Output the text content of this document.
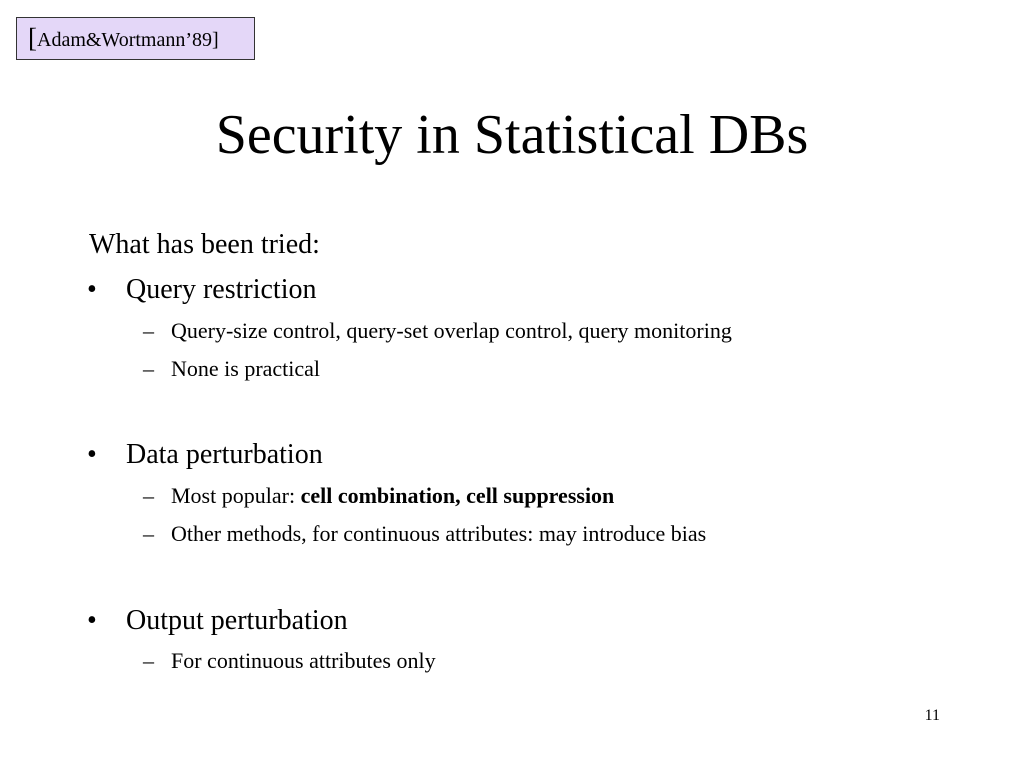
[Adam&Wortmann’89]
Security in Statistical DBs
What has been tried:
• Query restriction
– Query-size control, query-set overlap control, query monitoring
– None is practical
• Data perturbation
– Most popular: cell combination, cell suppression
– Other methods, for continuous attributes: may introduce bias
• Output perturbation
– For continuous attributes only
11
